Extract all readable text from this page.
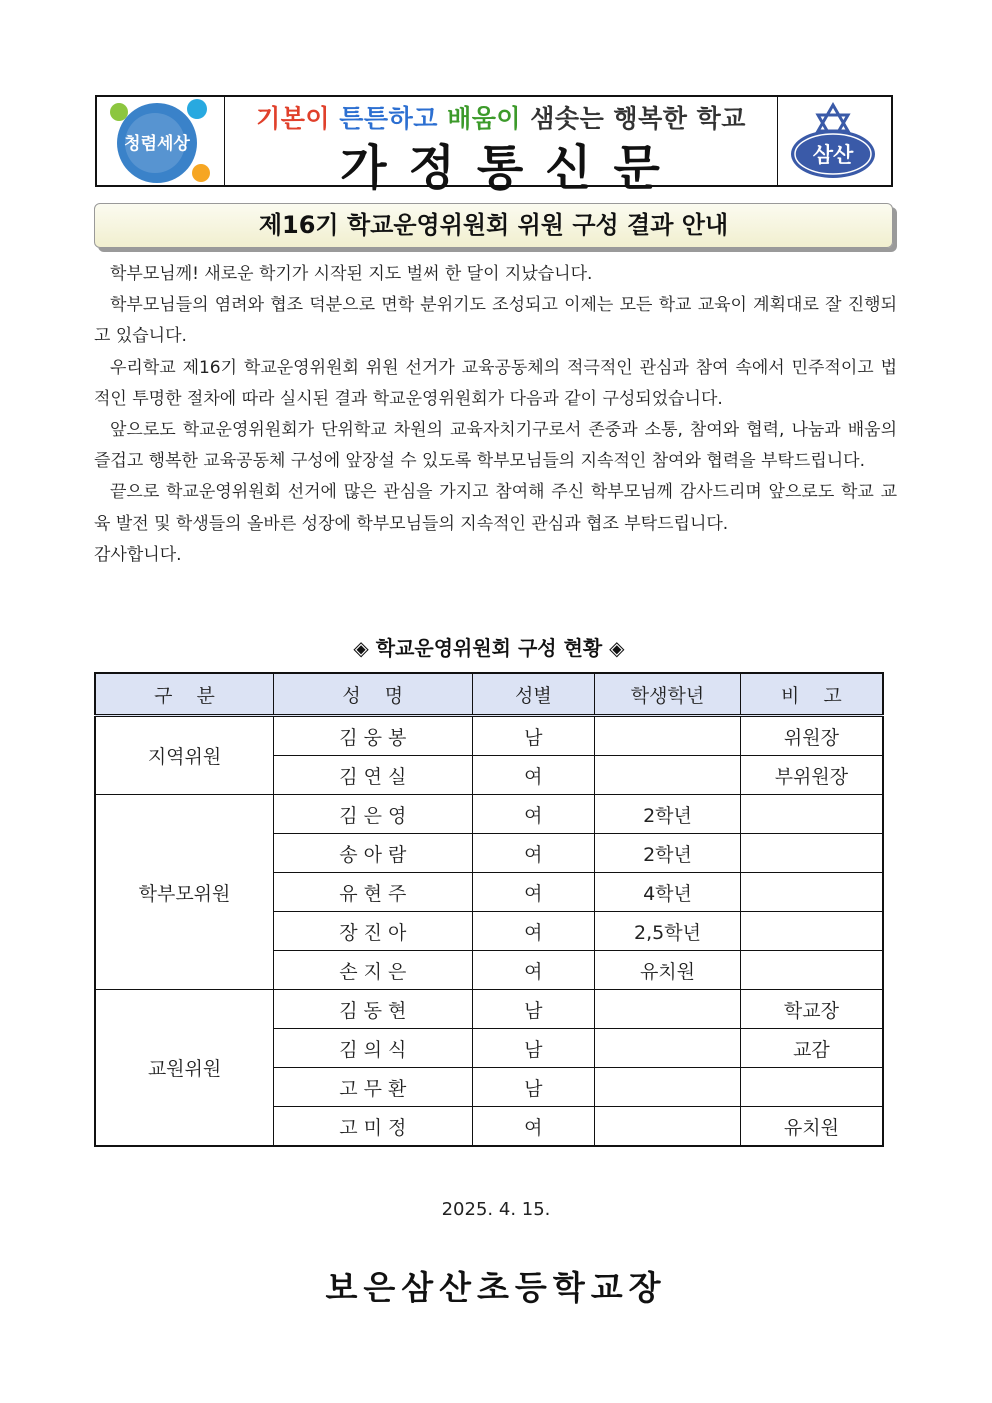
청렴세상
기본이 튼튼하고 배움이 샘솟는 행복한 학교
가정통신문	삼산
제16기 학교운영위원회 위원 구성 결과 안내

학부모님께! 새로운 학기가 시작된 지도 벌써 한 달이 지났습니다.

학부모님들의 염려와 협조 덕분으로 면학 분위기도 조성되고 이제는 모든 학교 교육이 계획대로 잘 진행되고 있습니다.

우리학교 제16기 학교운영위원회 위원 선거가 교육공동체의 적극적인 관심과 참여 속에서 민주적이고 법적인 투명한 절차에 따라 실시된 결과 학교운영위원회가 다음과 같이 구성되었습니다.

앞으로도 학교운영위원회가 단위학교 차원의 교육자치기구로서 존중과 소통, 참여와 협력, 나눔과 배움의 즐겁고 행복한 교육공동체 구성에 앞장설 수 있도록 학부모님들의 지속적인 참여와 협력을 부탁드립니다.

끝으로 학교운영위원회 선거에 많은 관심을 가지고 참여해 주신 학부모님께 감사드리며 앞으로도 학교 교육 발전 및 학생들의 올바른 성장에 학부모님들의 지속적인 관심과 협조 부탁드립니다.

감사합니다.

◈ 학교운영위원회 구성 현황 ◈
구 분	성 명	성별	학생학년	비 고
지역위원	김 웅 봉	남		위원장
	김 연 실	여		부위원장
학부모위원	김 은 영	여	2학년	
	송 아 람	여	2학년	
	유 현 주	여	4학년	
	장 진 아	여	2,5학년	
	손 지 은	여	유치원	
교원위원	김 동 현	남		학교장
	김 의 식	남		교감
	고 무 환	남		
	고 미 정	여		유치원
2025. 4. 15.
보은삼산초등학교장
